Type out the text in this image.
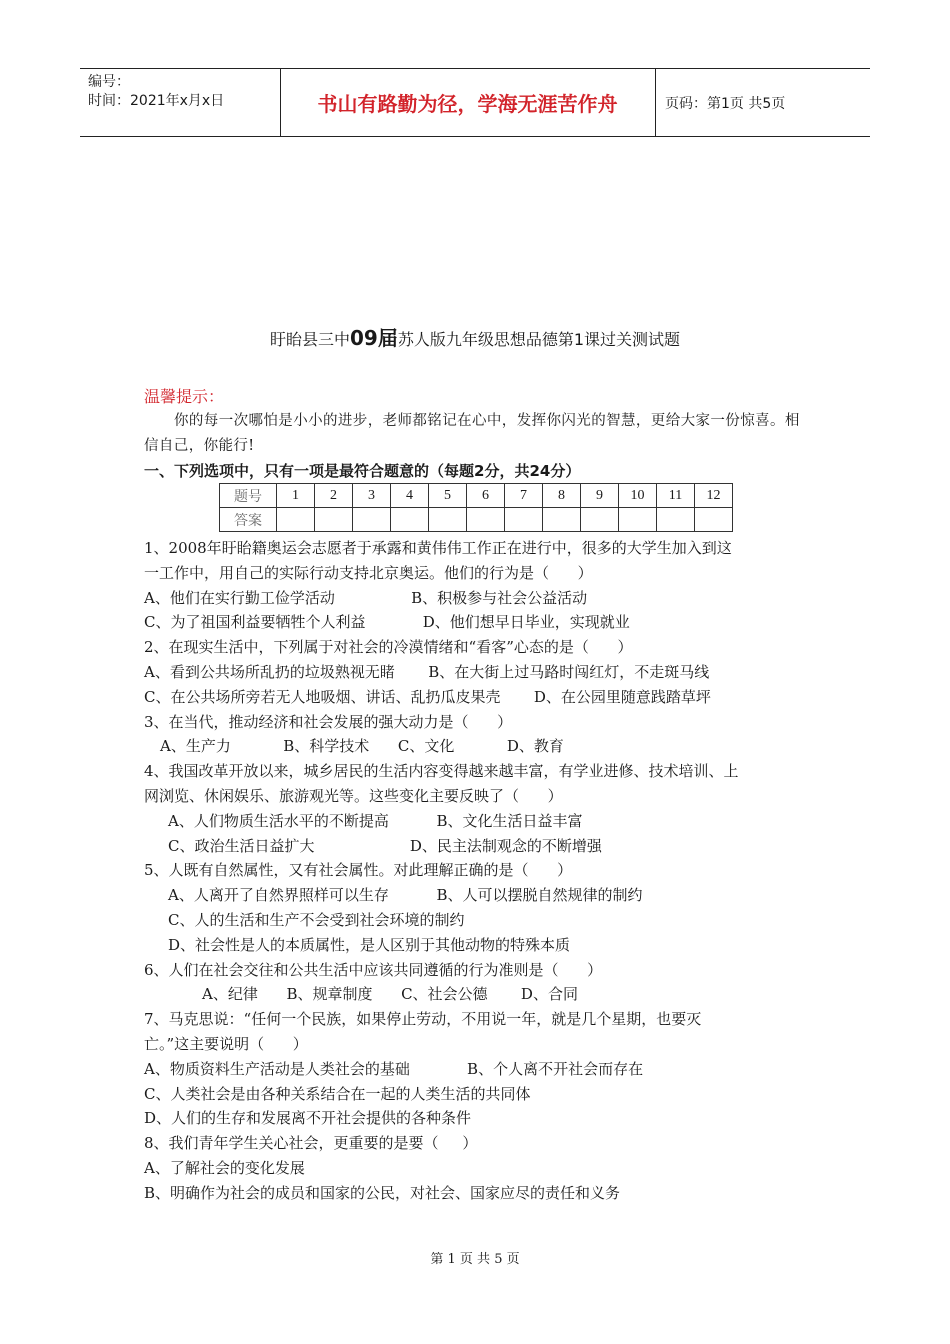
编号：
时间：2021年x月x日	书山有路勤为径，学海无涯苦作舟	页码：第1页 共5页
盱眙县三中09届苏人版九年级思想品德第1课过关测试题
温馨提示：
你的每一次哪怕是小小的进步，老师都铭记在心中，发挥你闪光的智慧，更给大家一份惊喜。相信自己，你能行!
一、下列选项中，只有一项是最符合题意的（每题2分，共24分）
题号	1	2	3	4	5	6	7	8	9	10	11	12
答案												
1、2008年盱眙籍奥运会志愿者于承露和黄伟伟工作正在进行中，很多的大学生加入到这
一工作中，用自己的实际行动支持北京奥运。他们的行为是（      ）
A、他们在实行勤工俭学活动                B、积极参与社会公益活动
C、为了祖国利益要牺牲个人利益            D、他们想早日毕业，实现就业
2、在现实生活中，下列属于对社会的冷漠情绪和“看客”心态的是（      ）
A、看到公共场所乱扔的垃圾熟视无睹       B、在大街上过马路时闯红灯，不走斑马线
C、在公共场所旁若无人地吸烟、讲话、乱扔瓜皮果壳       D、在公园里随意践踏草坪
3、在当代，推动经济和社会发展的强大动力是（      ）
A、生产力           B、科学技术      C、文化           D、教育
4、我国改革开放以来，城乡居民的生活内容变得越来越丰富，有学业进修、技术培训、上
网浏览、休闲娱乐、旅游观光等。这些变化主要反映了（      ）
A、人们物质生活水平的不断提高          B、文化生活日益丰富
C、政治生活日益扩大                    D、民主法制观念的不断增强
5、人既有自然属性，又有社会属性。对此理解正确的是（      ）
A、人离开了自然界照样可以生存          B、人可以摆脱自然规律的制约
C、人的生活和生产不会受到社会环境的制约
D、社会性是人的本质属性，是人区别于其他动物的特殊本质
6、人们在社会交往和公共生活中应该共同遵循的行为准则是（      ）
A、纪律      B、规章制度      C、社会公德       D、合同
7、马克思说：“任何一个民族，如果停止劳动，不用说一年，就是几个星期，也要灭
亡。”这主要说明（      ）
A、物质资料生产活动是人类社会的基础            B、个人离不开社会而存在
C、人类社会是由各种关系结合在一起的人类生活的共同体
D、人们的生存和发展离不开社会提供的各种条件
8、我们青年学生关心社会，更重要的是要（     ）
A、了解社会的变化发展
B、明确作为社会的成员和国家的公民，对社会、国家应尽的责任和义务
第 1 页 共 5 页
